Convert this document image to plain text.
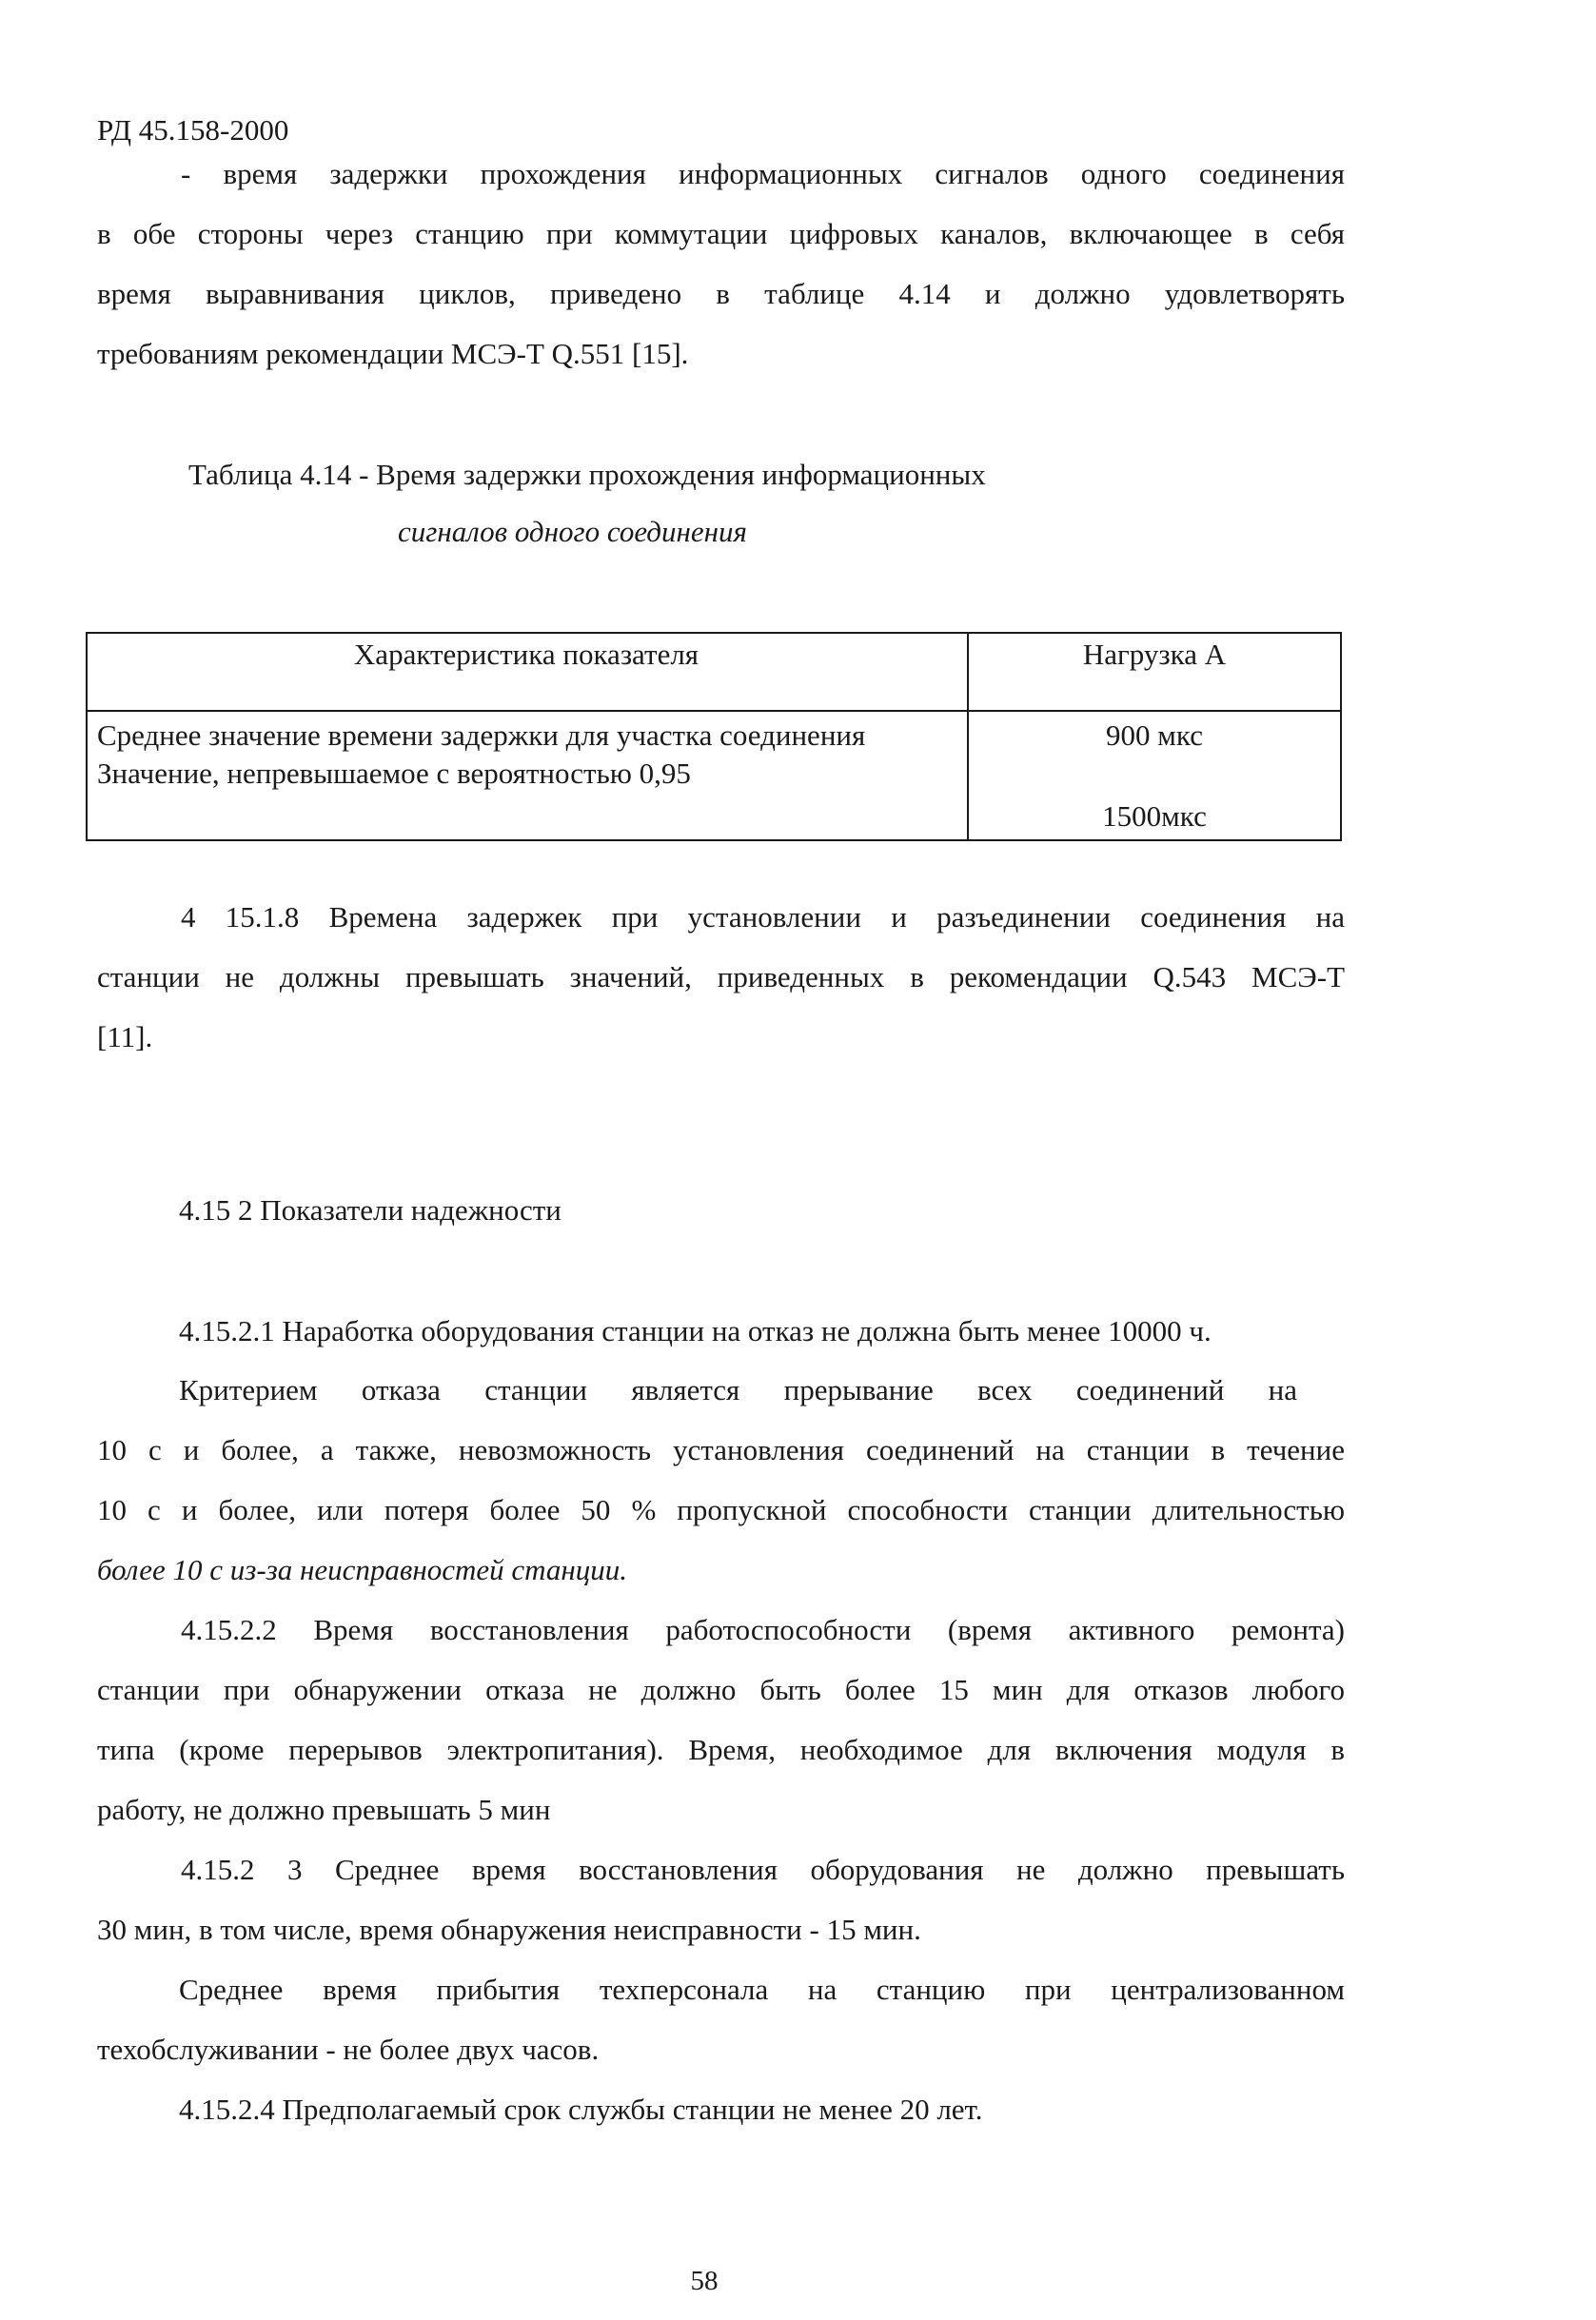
РД 45.158-2000
- время задержки прохождения информационных сигналов одного соединения
в обе стороны через станцию при коммутации цифровых каналов, включающее в себя
время выравнивания циклов, приведено в таблице 4.14 и должно удовлетворять
требованиям рекомендации МСЭ-Т Q.551 [15].
Таблица 4.14 - Время задержки прохождения информационных
сигналов одного соединения
Характеристика показателя	Нагрузка А
Среднее значение времени задержки для участка соединения
Значение, непревышаемое с вероятностью 0,95
900 мкс
1500мкс
4 15.1.8 Времена задержек при установлении и разъединении соединения на
станции не должны превышать значений, приведенных в рекомендации Q.543 МСЭ-Т
[11].
4.15 2 Показатели надежности
4.15.2.1 Наработка оборудования станции на отказ не должна быть менее 10000 ч.
Критерием отказа станции является прерывание всех соединений на
10 с и более, а также, невозможность установления соединений на станции в течение
10 с и более, или потеря более 50 % пропускной способности станции длительностью
более 10 с из-за неисправностей станции.
4.15.2.2 Время восстановления работоспособности (время активного ремонта)
станции при обнаружении отказа не должно быть более 15 мин для отказов любого
типа (кроме перерывов электропитания). Время, необходимое для включения модуля в
работу, не должно превышать 5 мин
4.15.2 3 Среднее время восстановления оборудования не должно превышать
30 мин, в том числе, время обнаружения неисправности - 15 мин.
Среднее время прибытия техперсонала на станцию при централизованном
техобслуживании - не более двух часов.
4.15.2.4 Предполагаемый срок службы станции не менее 20 лет.
58
